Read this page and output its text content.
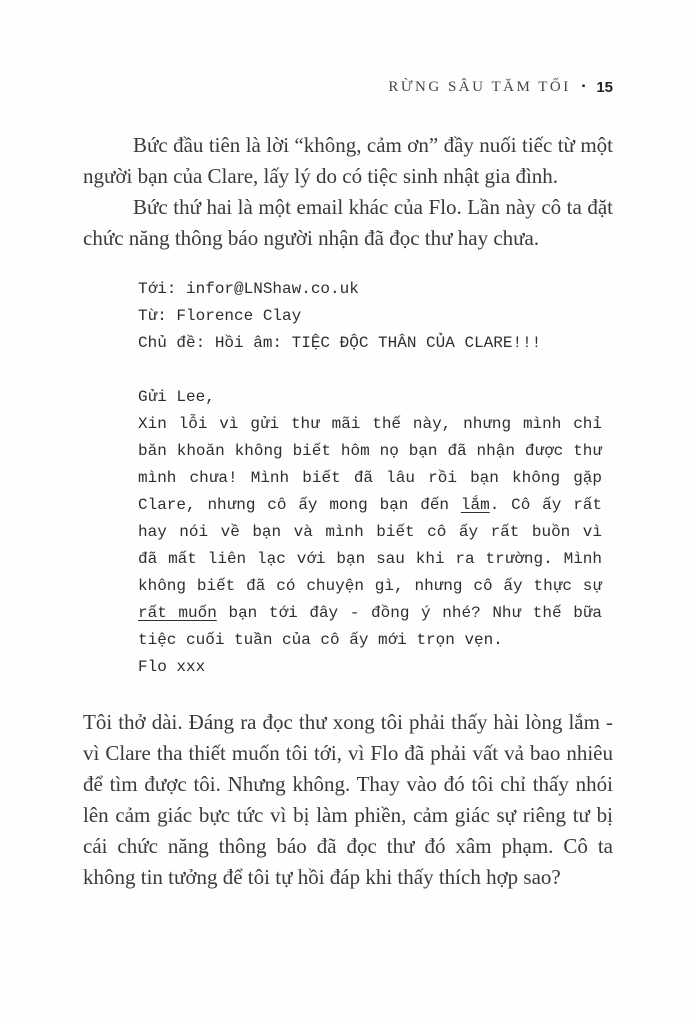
RỪNG SÂU TĂM TỐI ▪ 15

Bức đầu tiên là lời “không, cảm ơn” đầy nuối tiếc từ một người bạn của Clare, lấy lý do có tiệc sinh nhật gia đình.

Bức thứ hai là một email khác của Flo. Lần này cô ta đặt chức năng thông báo người nhận đã đọc thư hay chưa.

Tới: infor@LNShaw.co.uk
Từ: Florence Clay
Chủ đề: Hồi âm: TIỆC ĐỘC THÂN CỦA CLARE!!!
Gửi Lee,
Xin lỗi vì gửi thư mãi thế này, nhưng mình chỉ
băn khoăn không biết hôm nọ bạn đã nhận được thư
mình chưa! Mình biết đã lâu rồi bạn không gặp
Clare, nhưng cô ấy mong bạn đến lắm. Cô ấy rất
hay nói về bạn và mình biết cô ấy rất buồn vì
đã mất liên lạc với bạn sau khi ra trường. Mình
không biết đã có chuyện gì, nhưng cô ấy thực sự
rất muốn bạn tới đây - đồng ý nhé? Như thế bữa
tiệc cuối tuần của cô ấy mới trọn vẹn.
Flo xxx

Tôi thở dài. Đáng ra đọc thư xong tôi phải thấy hài lòng lắm - vì Clare tha thiết muốn tôi tới, vì Flo đã phải vất vả bao nhiêu để tìm được tôi. Nhưng không. Thay vào đó tôi chỉ thấy nhói lên cảm giác bực tức vì bị làm phiền, cảm giác sự riêng tư bị cái chức năng thông báo đã đọc thư đó xâm phạm. Cô ta không tin tưởng để tôi tự hồi đáp khi thấy thích hợp sao?
